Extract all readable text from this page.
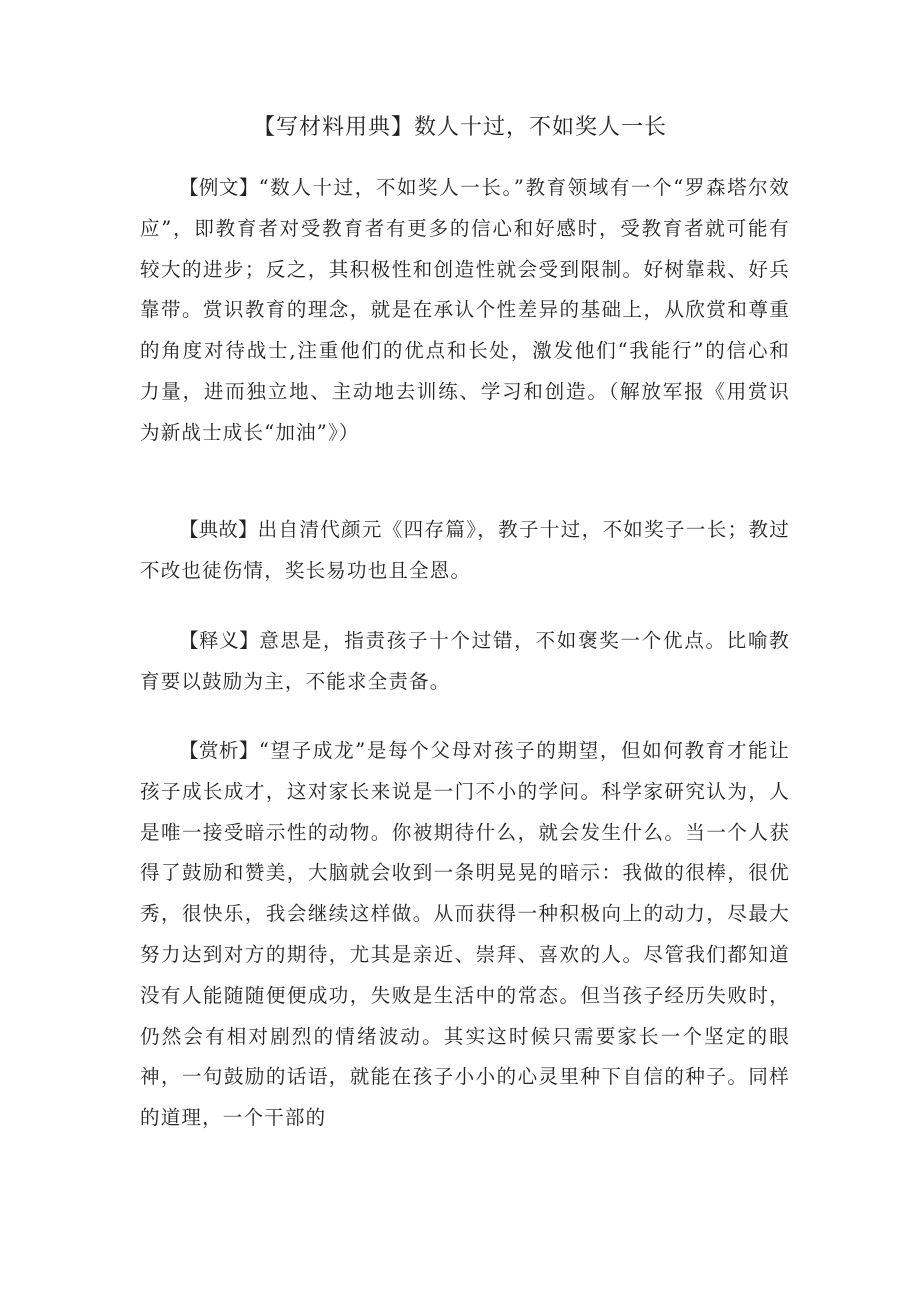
【写材料用典】数人十过，不如奖人一长

【例文】“数人十过，不如奖人一长。”教育领域有一个“罗森塔尔效应”，即教育者对受教育者有更多的信心和好感时，受教育者就可能有较大的进步；反之，其积极性和创造性就会受到限制。好树靠栽、好兵靠带。赏识教育的理念，就是在承认个性差异的基础上，从欣赏和尊重的角度对待战士,注重他们的优点和长处，激发他们“我能行”的信心和力量，进而独立地、主动地去训练、学习和创造。（解放军报《用赏识为新战士成长“加油”》）

【典故】出自清代颜元《四存篇》，教子十过，不如奖子一长；教过不改也徒伤情，奖长易功也且全恩。

【释义】意思是，指责孩子十个过错，不如褒奖一个优点。比喻教育要以鼓励为主，不能求全责备。

【赏析】“望子成龙”是每个父母对孩子的期望，但如何教育才能让孩子成长成才，这对家长来说是一门不小的学问。科学家研究认为，人是唯一接受暗示性的动物。你被期待什么，就会发生什么。当一个人获得了鼓励和赞美，大脑就会收到一条明晃晃的暗示：我做的很棒，很优秀，很快乐，我会继续这样做。从而获得一种积极向上的动力，尽最大努力达到对方的期待，尤其是亲近、崇拜、喜欢的人。尽管我们都知道没有人能随随便便成功，失败是生活中的常态。但当孩子经历失败时，仍然会有相对剧烈的情绪波动。其实这时候只需要家长一个坚定的眼神，一句鼓励的话语，就能在孩子小小的心灵里种下自信的种子。同样的道理，一个干部的
